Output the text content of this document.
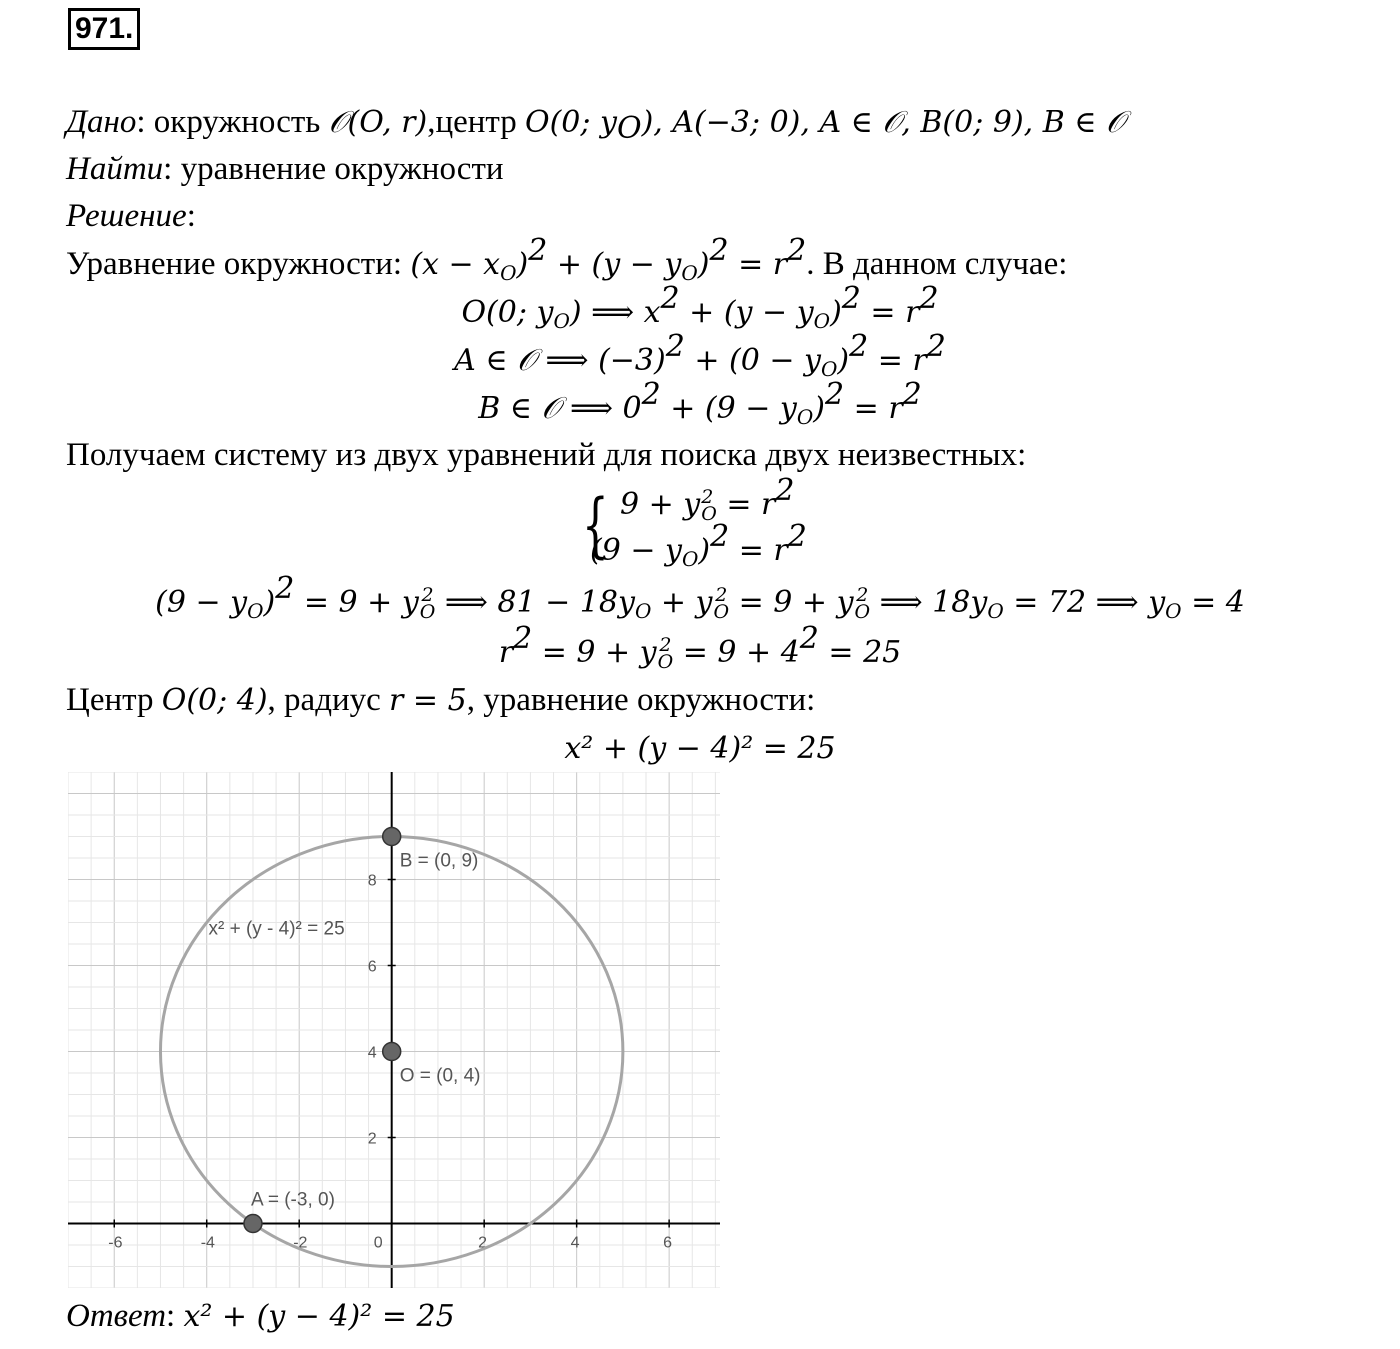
971.
Дано: окружность 𝒪(O, r),центр O(0; $y_O$), A(−3; 0), A ∈ 𝒪, B(0; 9), B ∈ 𝒪
Найти: уравнение окружности
Решение:
Уравнение окружности: $(x - x_O)^2 + (y - y_O)^2 = r^2$. В данном случае:
O(0; $y_O$) ⟹ $x^2 + (y - y_O)^2 = r^2$
A ∈ 𝒪 ⟹ $(-3)^2 + (0 - y_O)^2 = r^2$
B ∈ 𝒪 ⟹ $0^2 + (9 - y_O)^2 = r^2$
Получаем систему из двух уравнений для поиска двух неизвестных:
{ 9 + y 2
$O = r^2$
$(9 - y_O)^2 = r^2$
$(9 - y_O)^2 = 9 + y$ 2
O ⟹ $81 - 18y_O + y$ 2
O = 9 + y 2
O ⟹ $18y_O = 72$ ⟹ $y_O = 4$
$r^2 = 9 + y$ 2
$O = 9 + 4^2 = 25$
Центр O(0; 4), радиус r = 5, уравнение окружности:
x² + (y − 4)² = 25
-6	-4	-2	0	2	4	6
2
4
6
8
x² + (y - 4)² = 25
B = (0, 9)
O = (0, 4)
A = (-3, 0)
Ответ: x² + (y − 4)² = 25
